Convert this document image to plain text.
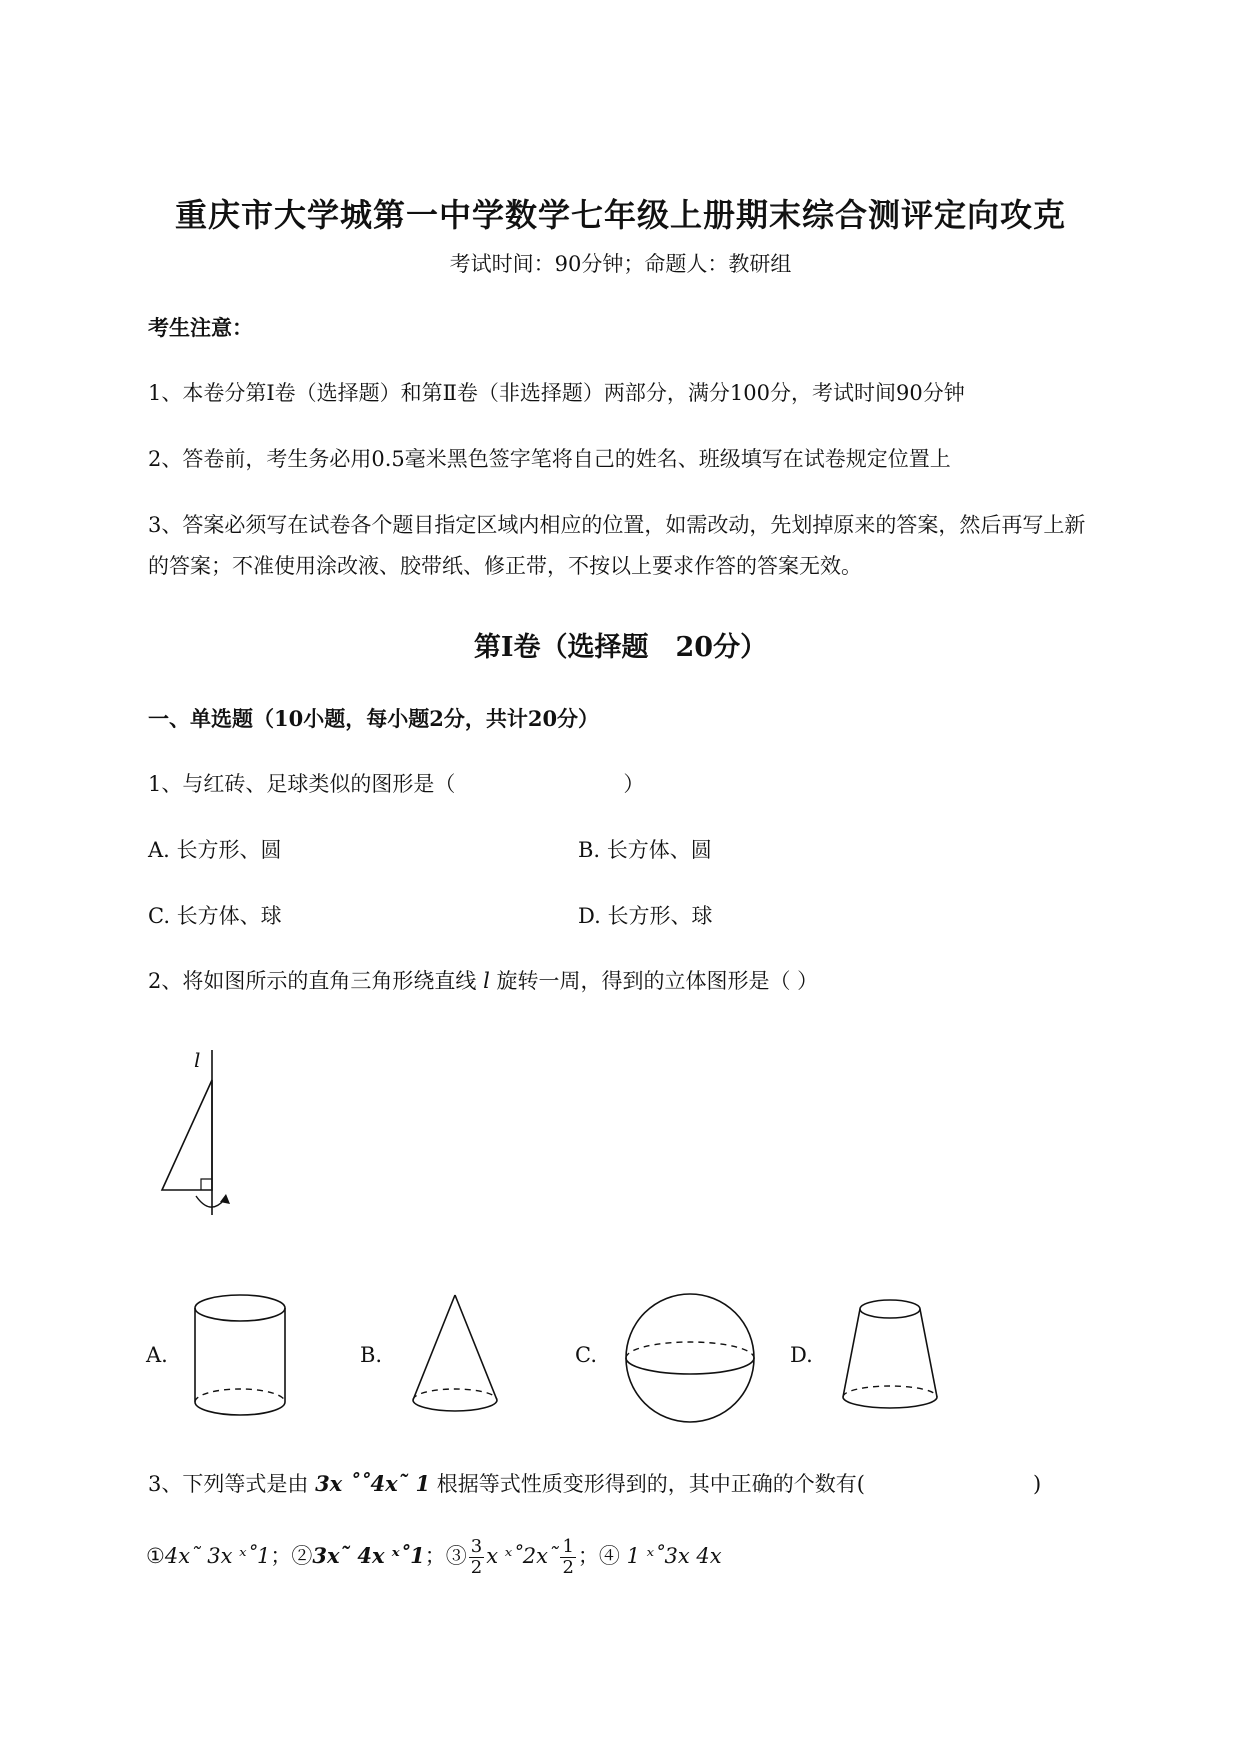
重庆市大学城第一中学数学七年级上册期末综合测评定向攻克
考试时间：90分钟；命题人：教研组
考生注意：
1、本卷分第I卷（选择题）和第Ⅱ卷（非选择题）两部分，满分100分，考试时间90分钟
2、答卷前，考生务必用0.5毫米黑色签字笔将自己的姓名、班级填写在试卷规定位置上
3、答案必须写在试卷各个题目指定区域内相应的位置，如需改动，先划掉原来的答案，然后再写上新
的答案；不准使用涂改液、胶带纸、修正带，不按以上要求作答的答案无效。
第I卷（选择题　20分）
一、单选题（10小题，每小题2分，共计20分）
1、与红砖、足球类似的图形是（　　　　　　　　）
A. 长方形、圆	B. 长方体、圆
C. 长方体、球	D. 长方形、球
2、将如图所示的直角三角形绕直线 l 旋转一周，得到的立体图形是（ ）
l
A.	B.	C.	D.
3、下列等式是由 3x ˚˚4x˜ 1 根据等式性质变形得到的，其中正确的个数有(　　　　　　　　)
①4x˜ 3x ˣ˚1；②3x˜ 4x ˣ˚1；③ $\frac{3}{2}$ x ˣ˚2x˜ $\frac{1}{2}$ ；④ 1 ˣ˚3x 4x
